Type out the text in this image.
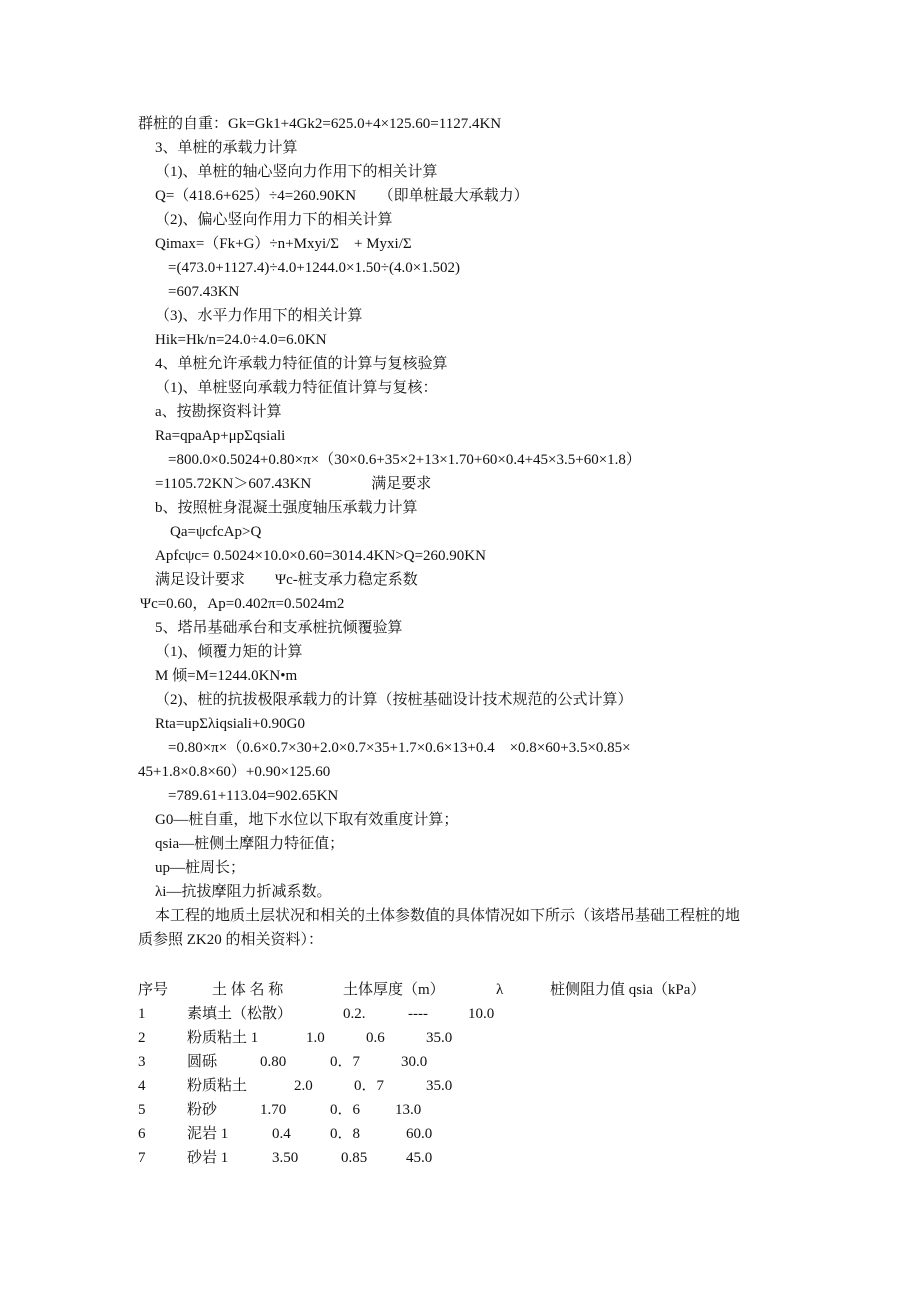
群桩的自重：Gk=Gk1+4Gk2=625.0+4×125.60=1127.4KN
3、单桩的承载力计算
（1)、单桩的轴心竖向力作用下的相关计算
Q=（418.6+625）÷4=260.90KN　　（即单桩最大承载力）
（2)、偏心竖向作用力下的相关计算
Qimax=（Fk+G）÷n+Mxyi/Σ　+ Myxi/Σ
=(473.0+1127.4)÷4.0+1244.0×1.50÷(4.0×1.502)
=607.43KN
（3)、水平力作用下的相关计算
Hik=Hk/n=24.0÷4.0=6.0KN
4、单桩允许承载力特征值的计算与复核验算
（1)、单桩竖向承载力特征值计算与复核：
a、按勘探资料计算
Ra=qpaAp+μpΣqsiali
=800.0×0.5024+0.80×π×（30×0.6+35×2+13×1.70+60×0.4+45×3.5+60×1.8）
=1105.72KN＞607.43KN　　　　满足要求
b、按照桩身混凝土强度轴压承载力计算
Qa=ψcfcAp>Q
Apfcψc= 0.5024×10.0×0.60=3014.4KN>Q=260.90KN
满足设计要求　　Ψc-桩支承力稳定系数
Ψc=0.60，Ap=0.402π=0.5024m2
5、塔吊基础承台和支承桩抗倾覆验算
（1)、倾覆力矩的计算
M 倾=M=1244.0KN•m
（2)、桩的抗拔极限承载力的计算（按桩基础设计技术规范的公式计算）
Rta=upΣλiqsiali+0.90G0
=0.80×π×（0.6×0.7×30+2.0×0.7×35+1.7×0.6×13+0.4　×0.8×60+3.5×0.85×
45+1.8×0.8×60）+0.90×125.60
=789.61+113.04=902.65KN
G0—桩自重，地下水位以下取有效重度计算；
qsia—桩侧土摩阻力特征值；
up—桩周长；
λi—抗拔摩阻力折减系数。
本工程的地质土层状况和相关的土体参数值的具体情况如下所示（该塔吊基础工程桩的地
质参照 ZK20 的相关资料）：
序号	土 体 名 称	土体厚度（m）	λ	桩侧阻力值 qsia（kPa）
1	素填土（松散）	0.2.	----	10.0
2	粉质粘土 1	1.0	0.6	35.0
3	圆砾	0.80	0．7	30.0
4	粉质粘土	2.0	0．7	35.0
5	粉砂	1.70	0．6 13.0
6	泥岩 1	0.4	0．8	60.0
7	砂岩 1	3.50	0.85	45.0
